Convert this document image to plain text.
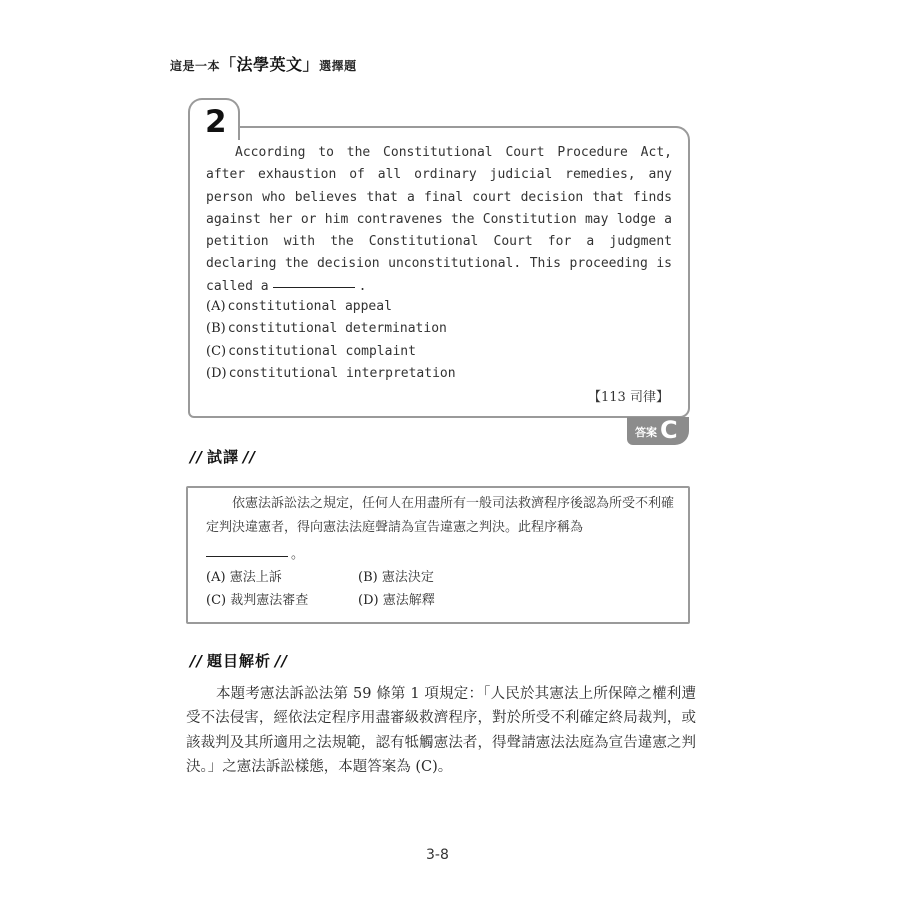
這是一本「法學英文」選擇題
2

According to the Constitutional Court Procedure Act, after exhaustion of all ordinary judicial remedies, any person who believes that a final court decision that finds against her or him contravenes the Constitution may lodge a petition with the Constitutional Court for a judgment declaring the decision unconstitutional. This proceeding is called a	.

(A) constitutional appeal
(B) constitutional determination
(C) constitutional complaint
(D) constitutional interpretation
【113 司律】
答案 C
// 試譯 //

依憲法訴訟法之規定，任何人在用盡所有一般司法救濟程序後認為所受不利確定判決違憲者，得向憲法法庭聲請為宣告違憲之判決。此程序稱為

。
(A) 憲法上訴	(B) 憲法決定
(C) 裁判憲法審查	(D) 憲法解釋
// 題目解析 //

本題考憲法訴訟法第 59 條第 1 項規定：「人民於其憲法上所保障之權利遭受不法侵害，經依法定程序用盡審級救濟程序，對於所受不利確定終局裁判，或該裁判及其所適用之法規範，認有牴觸憲法者，得聲請憲法法庭為宣告違憲之判決。」之憲法訴訟樣態，本題答案為 (C)。

3-8
